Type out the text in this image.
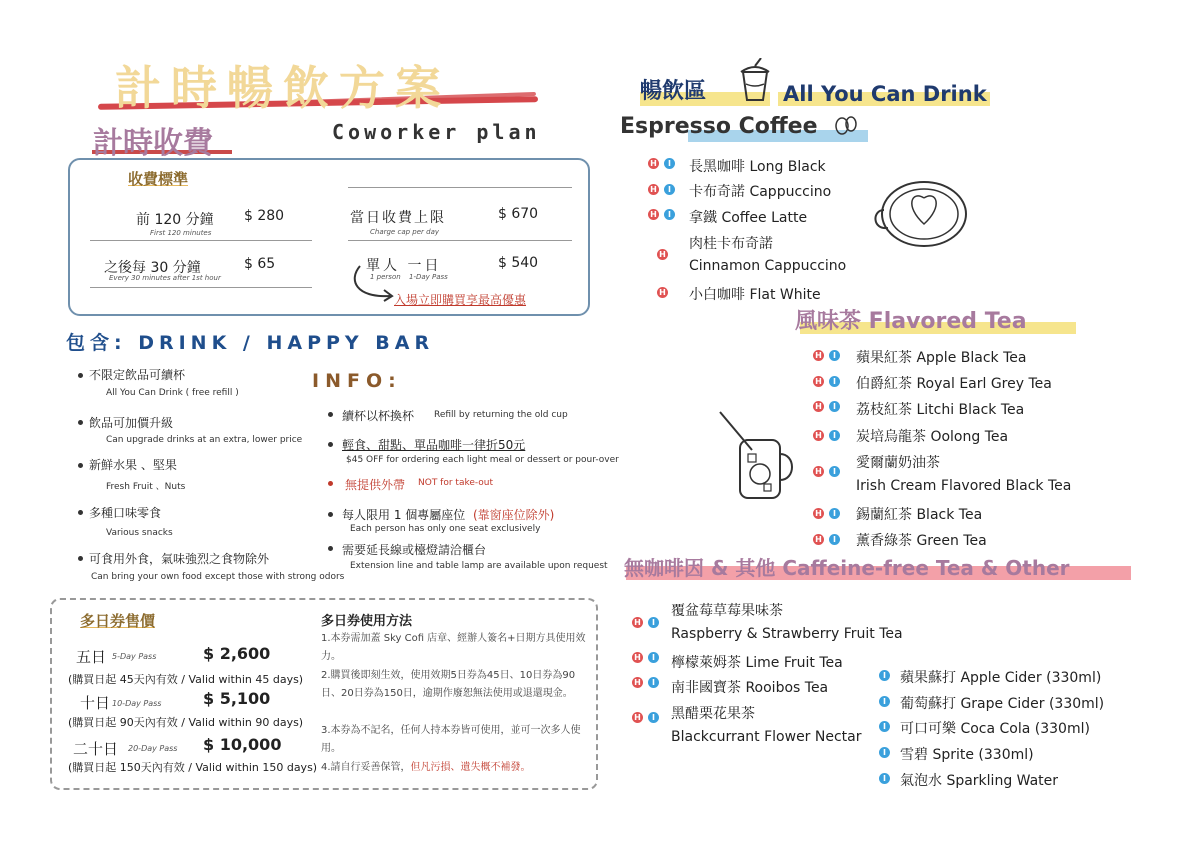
計時暢飲方案
計時收費	Coworker plan
收費標準
前 120 分鐘
First 120 minutes
$ 280
之後每 30 分鐘
Every 30 minutes after 1st hour
$ 65
當日收費上限
Charge cap per day
$ 670
單人 一日
1 person 1-Day Pass
$ 540
入場立即購買享最高優惠
包含: DRINK / HAPPY BAR
不限定飲品可續杯
All You Can Drink ( free refill )
飲品可加價升級
Can upgrade drinks at an extra, lower price
新鮮水果 、堅果
Fresh Fruit 、Nuts
多種口味零食
Various snacks
可食用外食，氣味強烈之食物除外
Can bring your own food except those with strong odors
INFO:
續杯以杯換杯 Refill by returning the old cup
輕食、甜點、單品咖啡一律折50元
$45 OFF for ordering each light meal or dessert or pour-over
無提供外帶 NOT for take-out
每人限用 1 個專屬座位 (靠窗座位除外)
Each person has only one seat exclusively
需要延長線或檯燈請洽櫃台
Extension line and table lamp are available upon request
多日券售價
五日 5-Day Pass	$ 2,600
(購買日起 45天內有效 / Valid within 45 days)
十日 10-Day Pass	$ 5,100
(購買日起 90天內有效 / Valid within 90 days)
二十日 20-Day Pass $ 10,000
(購買日起 150天內有效 / Valid within 150 days)
多日券使用方法
1.本券需加蓋 Sky Cofi 店章、經辦人簽名+日期方具使用效力。
2.購買後即刻生效，使用效期5日券為45日、10日券為90日、20日券為150日，逾期作廢恕無法使用或退還現金。
3.本券為不記名，任何人持本券皆可使用，並可一次多人使用。
4.請自行妥善保管，但凡污損、遺失概不補發。
暢飲區	All You Can Drink
Espresso Coffee
H	I 長黑咖啡 Long Black
H	I 卡布奇諾 Cappuccino
H	I 拿鐵 Coffee Latte
H
肉桂卡布奇諾
Cinnamon Cappuccino
H 小白咖啡 Flat White
風味茶 Flavored Tea
H	I 蘋果紅茶 Apple Black Tea
H	I 伯爵紅茶 Royal Earl Grey Tea
H	I 荔枝紅茶 Litchi Black Tea
H	I 炭培烏龍茶 Oolong Tea
H	I
愛爾蘭奶油茶
Irish Cream Flavored Black Tea
H	I 錫蘭紅茶 Black Tea
H	I 薰香綠茶 Green Tea
無咖啡因 & 其他 Caffeine-free Tea & Other
H	I
覆盆莓草莓果味茶
Raspberry & Strawberry Fruit Tea
H	I 檸檬萊姆茶 Lime Fruit Tea
H	I 南非國寶茶 Rooibos Tea
H	I 黑醋栗花果茶
Blackcurrant Flower Nectar
I 蘋果蘇打 Apple Cider (330ml)
I 葡萄蘇打 Grape Cider (330ml)
I 可口可樂 Coca Cola (330ml)
I 雪碧 Sprite (330ml)
I 氣泡水 Sparkling Water
